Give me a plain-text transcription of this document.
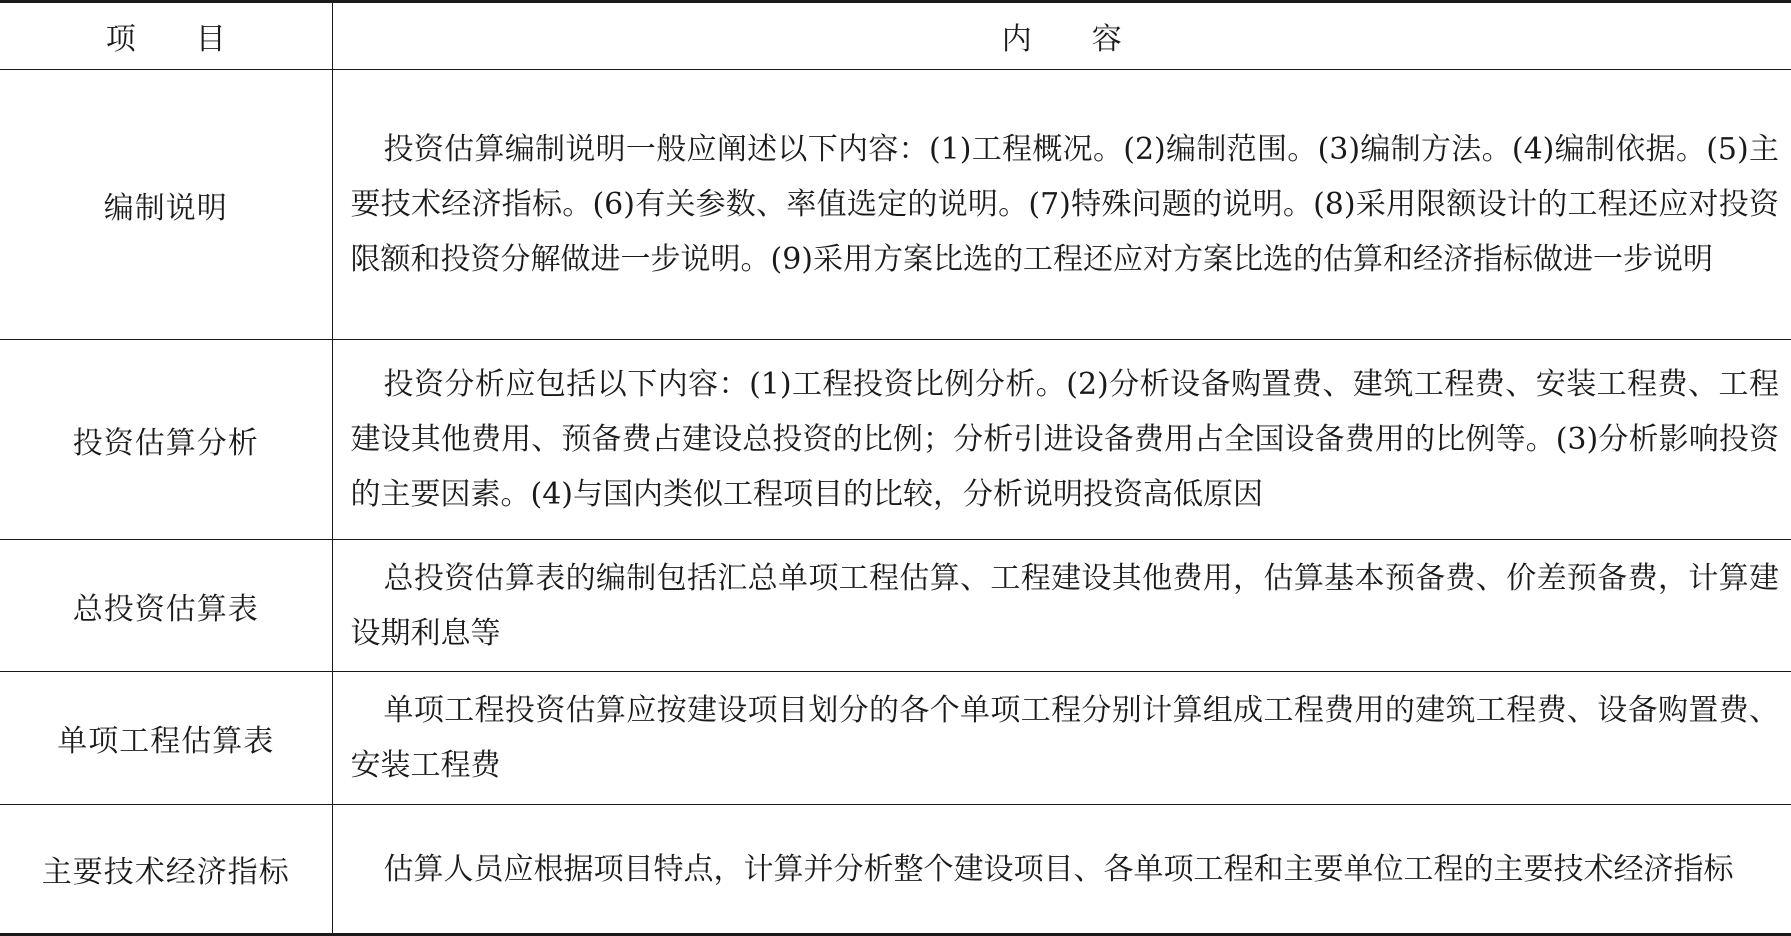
项　　目	内　　容
编制说明	投资估算编制说明一般应阐述以下内容：(1)工程概况。(2)编制范围。(3)编制方法。(4)编制依据。(5)主要技术经济指标。(6)有关参数、率值选定的说明。(7)特殊问题的说明。(8)采用限额设计的工程还应对投资限额和投资分解做进一步说明。(9)采用方案比选的工程还应对方案比选的估算和经济指标做进一步说明
投资估算分析	投资分析应包括以下内容：(1)工程投资比例分析。(2)分析设备购置费、建筑工程费、安装工程费、工程建设其他费用、预备费占建设总投资的比例；分析引进设备费用占全国设备费用的比例等。(3)分析影响投资的主要因素。(4)与国内类似工程项目的比较，分析说明投资高低原因
总投资估算表	总投资估算表的编制包括汇总单项工程估算、工程建设其他费用，估算基本预备费、价差预备费，计算建设期利息等
单项工程估算表	单项工程投资估算应按建设项目划分的各个单项工程分别计算组成工程费用的建筑工程费、设备购置费、安装工程费
主要技术经济指标	估算人员应根据项目特点，计算并分析整个建设项目、各单项工程和主要单位工程的主要技术经济指标
